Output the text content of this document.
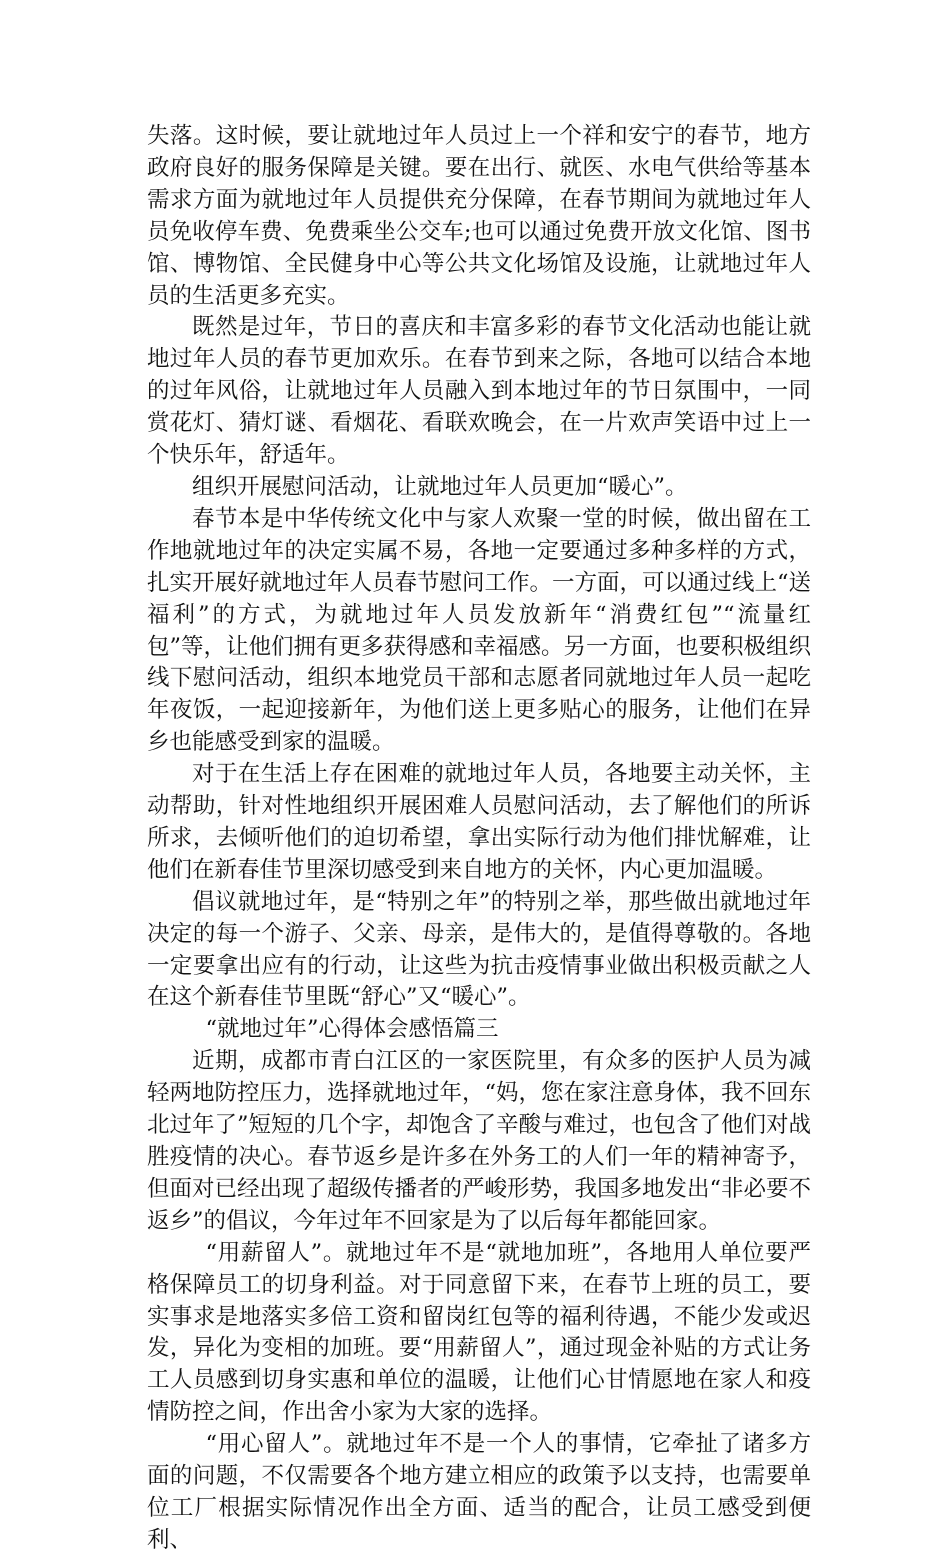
失落。这时候，要让就地过年人员过上一个祥和安宁的春节，地方政府良好的服务保障是关键。要在出行、就医、水电气供给等基本需求方面为就地过年人员提供充分保障，在春节期间为就地过年人员免收停车费、免费乘坐公交车;也可以通过免费开放文化馆、图书馆、博物馆、全民健身中心等公共文化场馆及设施，让就地过年人员的生活更多充实。

既然是过年，节日的喜庆和丰富多彩的春节文化活动也能让就地过年人员的春节更加欢乐。在春节到来之际，各地可以结合本地的过年风俗，让就地过年人员融入到本地过年的节日氛围中，一同赏花灯、猜灯谜、看烟花、看联欢晚会，在一片欢声笑语中过上一个快乐年，舒适年。

组织开展慰问活动，让就地过年人员更加“暖心”。

春节本是中华传统文化中与家人欢聚一堂的时候，做出留在工作地就地过年的决定实属不易，各地一定要通过多种多样的方式，扎实开展好就地过年人员春节慰问工作。一方面，可以通过线上“送福利”的方式，为就地过年人员发放新年“消费红包”“流量红包”等，让他们拥有更多获得感和幸福感。另一方面，也要积极组织线下慰问活动，组织本地党员干部和志愿者同就地过年人员一起吃年夜饭，一起迎接新年，为他们送上更多贴心的服务，让他们在异乡也能感受到家的温暖。

对于在生活上存在困难的就地过年人员，各地要主动关怀，主动帮助，针对性地组织开展困难人员慰问活动，去了解他们的所诉所求，去倾听他们的迫切希望，拿出实际行动为他们排忧解难，让他们在新春佳节里深切感受到来自地方的关怀，内心更加温暖。

倡议就地过年，是“特别之年”的特别之举，那些做出就地过年决定的每一个游子、父亲、母亲，是伟大的，是值得尊敬的。各地一定要拿出应有的行动，让这些为抗击疫情事业做出积极贡献之人在这个新春佳节里既“舒心”又“暖心”。

“就地过年”心得体会感悟篇三

近期，成都市青白江区的一家医院里，有众多的医护人员为减轻两地防控压力，选择就地过年，“妈，您在家注意身体，我不回东北过年了”短短的几个字，却饱含了辛酸与难过，也包含了他们对战胜疫情的决心。春节返乡是许多在外务工的人们一年的精神寄予，但面对已经出现了超级传播者的严峻形势，我国多地发出“非必要不返乡”的倡议，今年过年不回家是为了以后每年都能回家。

“用薪留人”。就地过年不是“就地加班”，各地用人单位要严格保障员工的切身利益。对于同意留下来，在春节上班的员工，要实事求是地落实多倍工资和留岗红包等的福利待遇，不能少发或迟发，异化为变相的加班。要“用薪留人”，通过现金补贴的方式让务工人员感到切身实惠和单位的温暖，让他们心甘情愿地在家人和疫情防控之间，作出舍小家为大家的选择。

“用心留人”。就地过年不是一个人的事情，它牵扯了诸多方面的问题，不仅需要各个地方建立相应的政策予以支持，也需要单位工厂根据实际情况作出全方面、适当的配合，让员工感受到便利、
